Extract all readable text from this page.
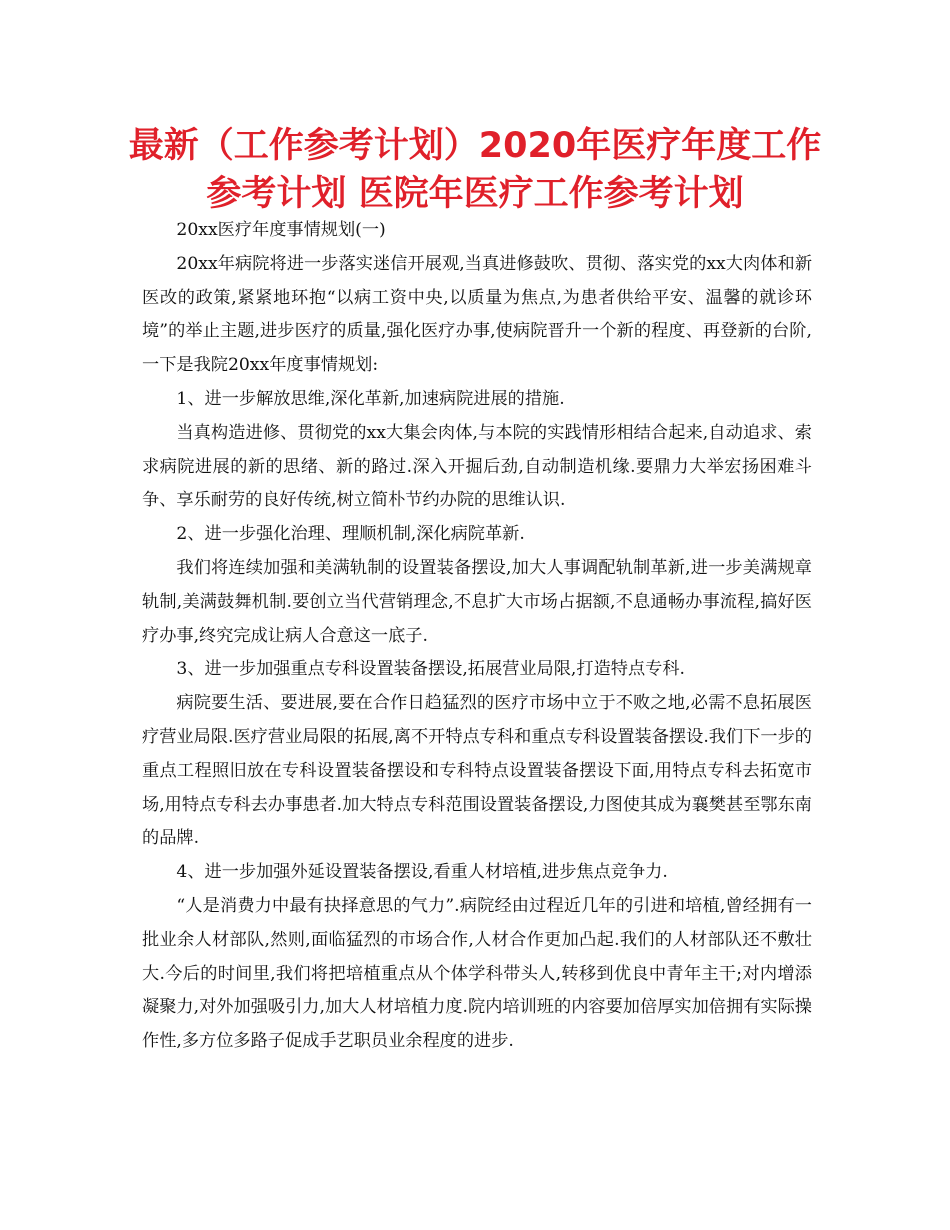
最新（工作参考计划）2020年医疗年度工作参考计划 医院年医疗工作参考计划

20xx医疗年度事情规划(一)

20xx年病院将进一步落实迷信开展观,当真进修鼓吹、贯彻、落实党的xx大肉体和新医改的政策,紧紧地环抱“以病工资中央,以质量为焦点,为患者供给平安、温馨的就诊环境”的举止主题,进步医疗的质量,强化医疗办事,使病院晋升一个新的程度、再登新的台阶,一下是我院20xx年度事情规划:

1、进一步解放思维,深化革新,加速病院进展的措施.

当真构造进修、贯彻党的xx大集会肉体,与本院的实践情形相结合起来,自动追求、索求病院进展的新的思绪、新的路过.深入开掘后劲,自动制造机缘.要鼎力大举宏扬困难斗争、享乐耐劳的良好传统,树立简朴节约办院的思维认识.

2、进一步强化治理、理顺机制,深化病院革新.

我们将连续加强和美满轨制的设置装备摆设,加大人事调配轨制革新,进一步美满规章轨制,美满鼓舞机制.要创立当代营销理念,不息扩大市场占据额,不息通畅办事流程,搞好医疗办事,终究完成让病人合意这一底子.

3、进一步加强重点专科设置装备摆设,拓展营业局限,打造特点专科.

病院要生活、要进展,要在合作日趋猛烈的医疗市场中立于不败之地,必需不息拓展医疗营业局限.医疗营业局限的拓展,离不开特点专科和重点专科设置装备摆设.我们下一步的重点工程照旧放在专科设置装备摆设和专科特点设置装备摆设下面,用特点专科去拓宽市场,用特点专科去办事患者.加大特点专科范围设置装备摆设,力图使其成为襄樊甚至鄂东南的品牌.

4、进一步加强外延设置装备摆设,看重人材培植,进步焦点竞争力.

“人是消费力中最有抉择意思的气力”.病院经由过程近几年的引进和培植,曾经拥有一批业余人材部队,然则,面临猛烈的市场合作,人材合作更加凸起.我们的人材部队还不敷壮大.今后的时间里,我们将把培植重点从个体学科带头人,转移到优良中青年主干;对内增添凝聚力,对外加强吸引力,加大人材培植力度.院内培训班的内容要加倍厚实加倍拥有实际操作性,多方位多路子促成手艺职员业余程度的进步.
